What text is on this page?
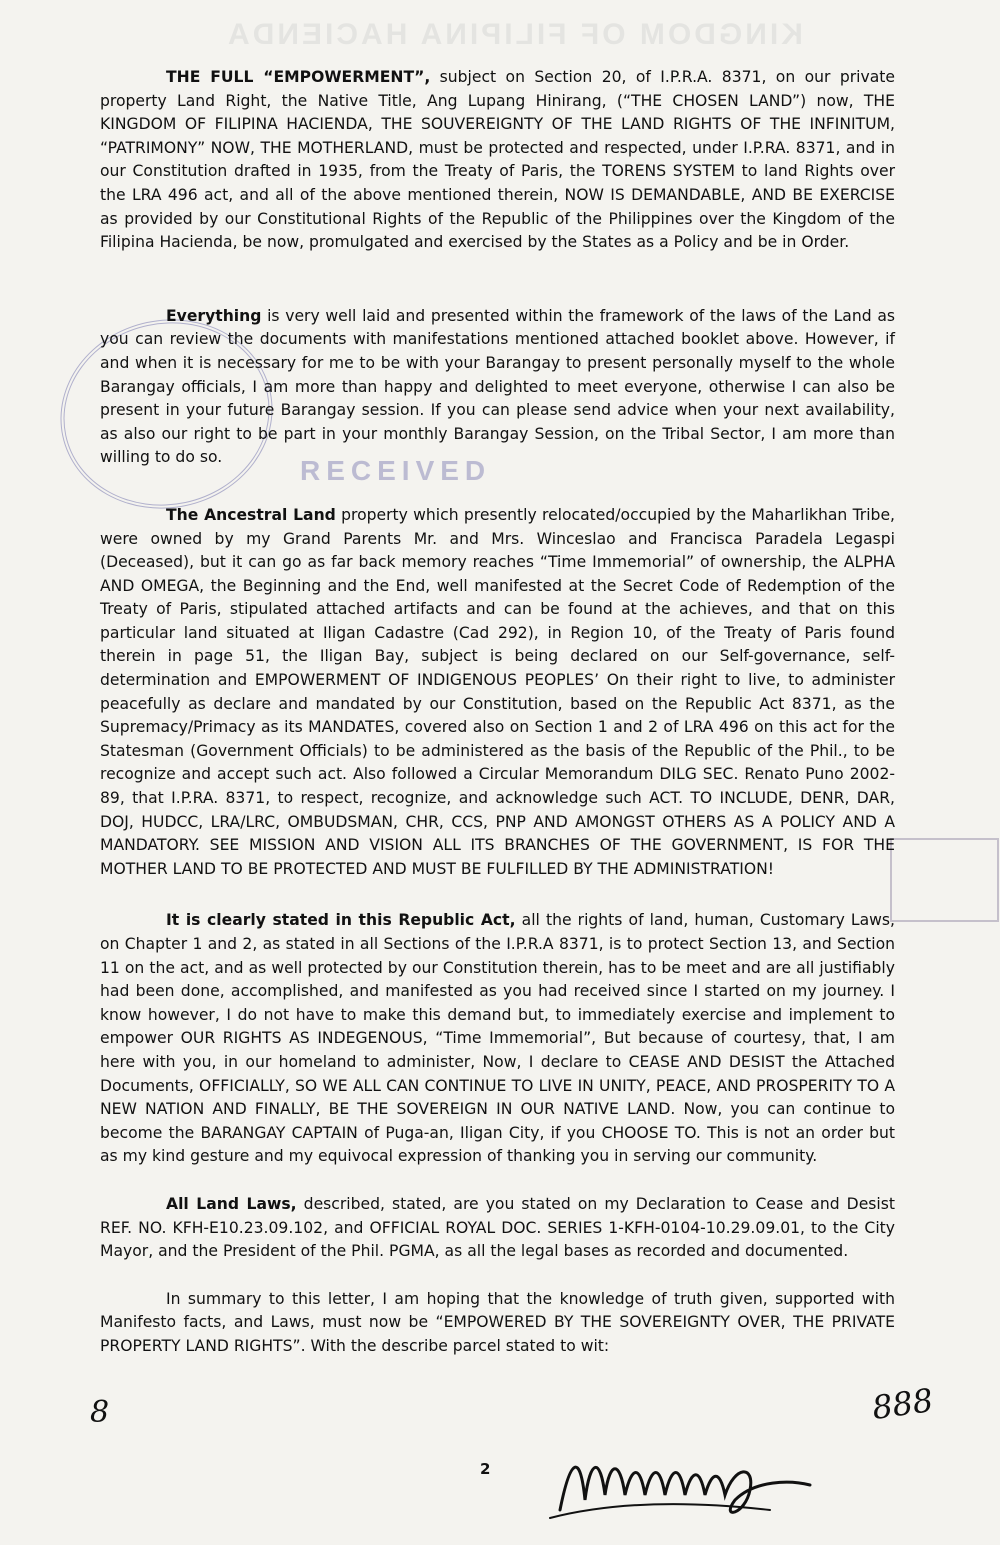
KINGDOM OF FILIPINA HACIENDA
RECEIVED

THE FULL “EMPOWERMENT”, subject on Section 20, of I.P.R.A. 8371, on our private property Land Right, the Native Title, Ang Lupang Hinirang, (“THE CHOSEN LAND”) now, THE KINGDOM OF FILIPINA HACIENDA, THE SOUVEREIGNTY OF THE LAND RIGHTS OF THE INFINITUM, “PATRIMONY” NOW, THE MOTHERLAND, must be protected and respected, under I.P.RA. 8371, and in our Constitution drafted in 1935, from the Treaty of Paris, the TORENS SYSTEM to land Rights over the LRA 496 act, and all of the above mentioned therein, NOW IS DEMANDABLE, AND BE EXERCISE as provided by our Constitutional Rights of the Republic of the Philippines over the Kingdom of the Filipina Hacienda, be now, promulgated and exercised by the States as a Policy and be in Order.

Everything is very well laid and presented within the framework of the laws of the Land as you can review the documents with manifestations mentioned attached booklet above. However, if and when it is necessary for me to be with your Barangay to present personally myself to the whole Barangay officials, I am more than happy and delighted to meet everyone, otherwise I can also be present in your future Barangay session. If you can please send advice when your next availability, as also our right to be part in your monthly Barangay Session, on the Tribal Sector, I am more than willing to do so.

The Ancestral Land property which presently relocated/occupied by the Maharlikhan Tribe, were owned by my Grand Parents Mr. and Mrs. Winceslao and Francisca Paradela Legaspi (Deceased), but it can go as far back memory reaches “Time Immemorial” of ownership, the ALPHA AND OMEGA, the Beginning and the End, well manifested at the Secret Code of Redemption of the Treaty of Paris, stipulated attached artifacts and can be found at the achieves, and that on this particular land situated at Iligan Cadastre (Cad 292), in Region 10, of the Treaty of Paris found therein in page 51, the Iligan Bay, subject is being declared on our Self-governance, self-determination and EMPOWERMENT OF INDIGENOUS PEOPLES’ On their right to live, to administer peacefully as declare and mandated by our Constitution, based on the Republic Act 8371, as the Supremacy/Primacy as its MANDATES, covered also on Section 1 and 2 of LRA 496 on this act for the Statesman (Government Officials) to be administered as the basis of the Republic of the Phil., to be recognize and accept such act. Also followed a Circular Memorandum DILG SEC. Renato Puno 2002-89, that I.P.RA. 8371, to respect, recognize, and acknowledge such ACT. TO INCLUDE, DENR, DAR, DOJ, HUDCC, LRA/LRC, OMBUDSMAN, CHR, CCS, PNP AND AMONGST OTHERS AS A POLICY AND A MANDATORY. SEE MISSION AND VISION ALL ITS BRANCHES OF THE GOVERNMENT, IS FOR THE MOTHER LAND TO BE PROTECTED AND MUST BE FULFILLED BY THE ADMINISTRATION!

It is clearly stated in this Republic Act, all the rights of land, human, Customary Laws, on Chapter 1 and 2, as stated in all Sections of the I.P.R.A 8371, is to protect Section 13, and Section 11 on the act, and as well protected by our Constitution therein, has to be meet and are all justifiably had been done, accomplished, and manifested as you had received since I started on my journey. I know however, I do not have to make this demand but, to immediately exercise and implement to empower OUR RIGHTS AS INDEGENOUS, “Time Immemorial”, But because of courtesy, that, I am here with you, in our homeland to administer, Now, I declare to CEASE AND DESIST the Attached Documents, OFFICIALLY, SO WE ALL CAN CONTINUE TO LIVE IN UNITY, PEACE, AND PROSPERITY TO A NEW NATION AND FINALLY, BE THE SOVEREIGN IN OUR NATIVE LAND. Now, you can continue to become the BARANGAY CAPTAIN of Puga-an, Iligan City, if you CHOOSE TO. This is not an order but as my kind gesture and my equivocal expression of thanking you in serving our community.

All Land Laws, described, stated, are you stated on my Declaration to Cease and Desist REF. NO. KFH-E10.23.09.102, and OFFICIAL ROYAL DOC. SERIES 1-KFH-0104-10.29.09.01, to the City Mayor, and the President of the Phil. PGMA, as all the legal bases as recorded and documented.

In summary to this letter, I am hoping that the knowledge of truth given, supported with Manifesto facts, and Laws, must now be “EMPOWERED BY THE SOVEREIGNTY OVER, THE PRIVATE PROPERTY LAND RIGHTS”. With the describe parcel stated to wit:

8	888
2
